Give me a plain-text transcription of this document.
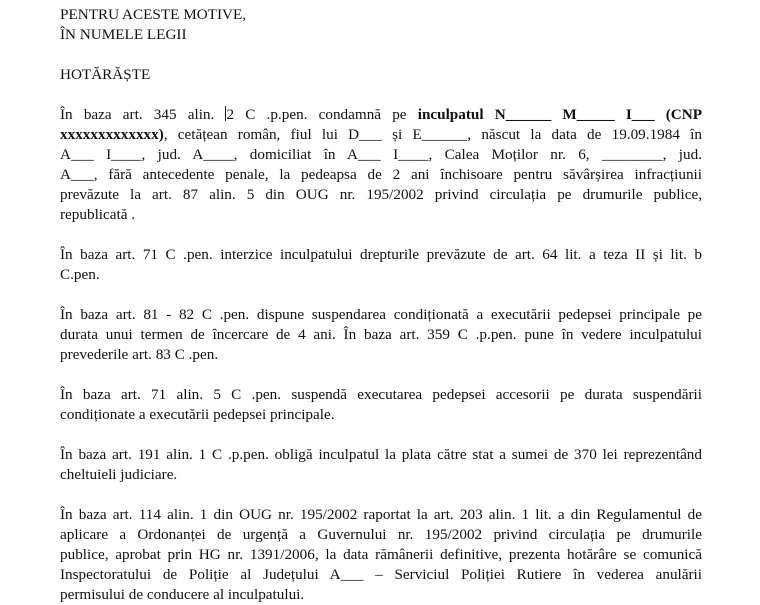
PENTRU ACESTE MOTIVE,
ÎN NUMELE LEGII
HOTĂRĂȘTE
În baza art. 345 alin. 2 C .p.pen. condamnă pe inculpatul N______ M_____ I___ (CNP
xxxxxxxxxxxxx), cetățean român, fiul lui D___ și E______, născut la data de 19.09.1984 în
A___ I____, jud. A____, domiciliat în A___ I____, Calea Moților nr. 6, ________, jud.
A___, fără antecedente penale, la pedeapsa de 2 ani închisoare pentru săvârșirea infracțiunii
prevăzute la art. 87 alin. 5 din OUG nr. 195/2002 privind circulația pe drumurile publice,
republicată .
În baza art. 71 C .pen. interzice inculpatului drepturile prevăzute de art. 64 lit. a teza II și lit. b
C.pen.
În baza art. 81 - 82 C .pen. dispune suspendarea condiționată a executării pedepsei principale pe
durata unui termen de încercare de 4 ani. În baza art. 359 C .p.pen. pune în vedere inculpatului
prevederile art. 83 C .pen.
În baza art. 71 alin. 5 C .pen. suspendă executarea pedepsei accesorii pe durata suspendării
condiționate a executării pedepsei principale.
În baza art. 191 alin. 1 C .p.pen. obligă inculpatul la plata către stat a sumei de 370 lei reprezentând
cheltuieli judiciare.
În baza art. 114 alin. 1 din OUG nr. 195/2002 raportat la art. 203 alin. 1 lit. a din Regulamentul de
aplicare a Ordonanței de urgență a Guvernului nr. 195/2002 privind circulația pe drumurile
publice, aprobat prin HG nr. 1391/2006, la data rămânerii definitive, prezenta hotărâre se comunică
Inspectoratului de Poliție al Județului A___ – Serviciul Poliției Rutiere în vederea anulării
permisului de conducere al inculpatului.
